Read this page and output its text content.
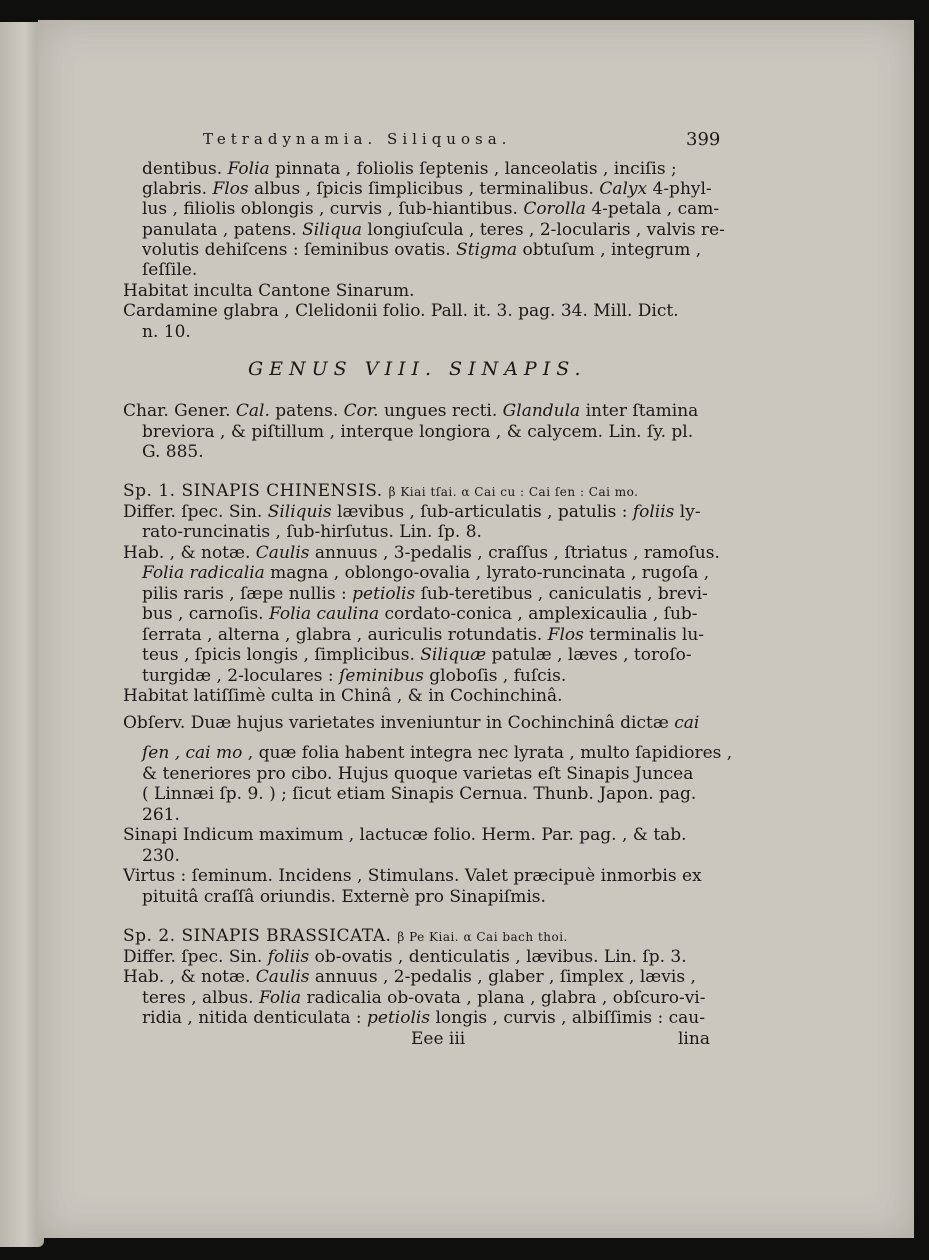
Tetradynamia. Siliquosa.	399
dentibus. Folia pinnata , foliolis ſeptenis , lanceolatis , inciſis ;
glabris. Flos albus , ſpicis ſimplicibus , terminalibus. Calyx 4-phyl-
lus , filiolis oblongis , curvis , ſub-hiantibus. Corolla 4-petala , cam-
panulata , patens. Siliqua longiuſcula , teres , 2-locularis , valvis re-
volutis dehiſcens : ſeminibus ovatis. Stigma obtuſum , integrum ,
ſeſſile.
Habitat inculta Cantone Sinarum.
Cardamine glabra , Clelidonii folio. Pall. it. 3. pag. 34. Mill. Dict.
n. 10.
GENUS VIII. SINAPIS.
Char. Gener. Cal. patens. Cor. ungues recti. Glandula inter ſtamina
breviora , & piſtillum , interque longiora , & calycem. Lin. ſy. pl.
G. 885.
Sp. 1. SINAPIS CHINENSIS. β Kiai tſai. α Cai cu : Cai ſen : Cai mo.
Differ. ſpec. Sin. Siliquis lævibus , ſub-articulatis , patulis : foliis ly-
rato-runcinatis , ſub-hirſutus. Lin. ſp. 8.
Hab. , & notæ. Caulis annuus , 3-pedalis , craſſus , ſtriatus , ramoſus.
Folia radicalia magna , oblongo-ovalia , lyrato-runcinata , rugoſa ,
pilis raris , ſæpe nullis : petiolis ſub-teretibus , caniculatis , brevi-
bus , carnoſis. Folia caulina cordato-conica , amplexicaulia , ſub-
ſerrata , alterna , glabra , auriculis rotundatis. Flos terminalis lu-
teus , ſpicis longis , ſimplicibus. Siliquæ patulæ , læves , toroſo-
turgidæ , 2-loculares : ſeminibus globoſis , fuſcis.
Habitat latiſſimè culta in Chinâ , & in Cochinchinâ.
Obſerv. Duæ hujus varietates inveniuntur in Cochinchinâ dictæ cai
ſen , cai mo , quæ folia habent integra nec lyrata , multo ſapidiores ,
& teneriores pro cibo. Hujus quoque varietas eſt Sinapis Juncea
( Linnæi ſp. 9. ) ; ſicut etiam Sinapis Cernua. Thunb. Japon. pag.
261.
Sinapi Indicum maximum , lactucæ folio. Herm. Par. pag. , & tab.
230.
Virtus : ſeminum. Incidens , Stimulans. Valet præcipuè inmorbis ex
pituitâ craſſâ oriundis. Externè pro Sinapiſmis.
Sp. 2. SINAPIS BRASSICATA. β Pe Kiai. α Cai bach thoi.
Differ. ſpec. Sin. foliis ob-ovatis , denticulatis , lævibus. Lin. ſp. 3.
Hab. , & notæ. Caulis annuus , 2-pedalis , glaber , ſimplex , lævis ,
teres , albus. Folia radicalia ob-ovata , plana , glabra , obſcuro-vi-
ridia , nitida denticulata : petiolis longis , curvis , albiſſimis : cau-
Eee iii	lina
